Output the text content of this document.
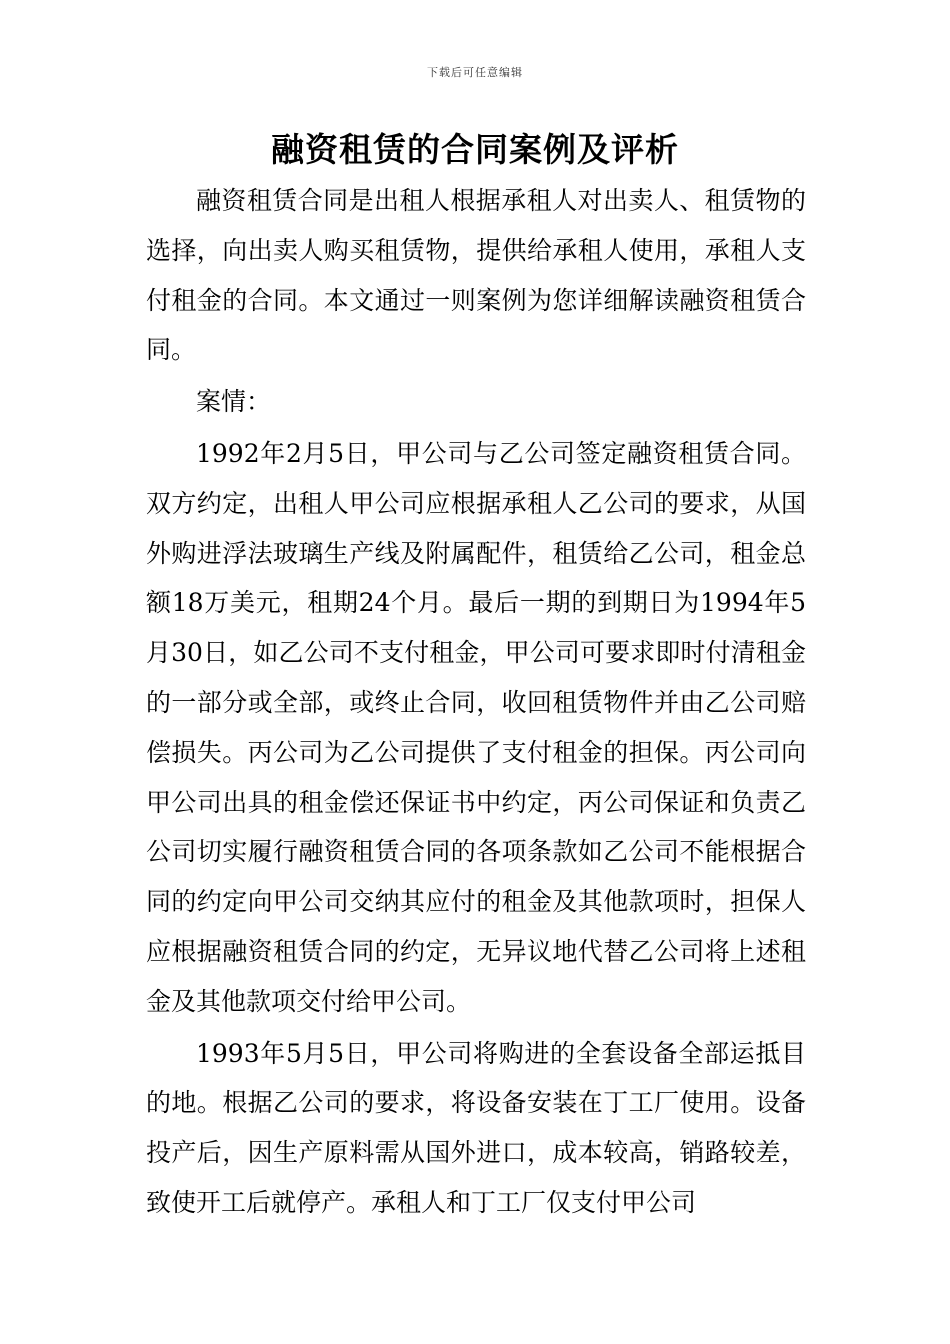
下载后可任意编辑
融资租赁的合同案例及评析

融资租赁合同是出租人根据承租人对出卖人、租赁物的选择，向出卖人购买租赁物，提供给承租人使用，承租人支付租金的合同。本文通过一则案例为您详细解读融资租赁合同。

案情：

1992年2月5日，甲公司与乙公司签定融资租赁合同。双方约定，出租人甲公司应根据承租人乙公司的要求，从国外购进浮法玻璃生产线及附属配件，租赁给乙公司，租金总额18万美元，租期24个月。最后一期的到期日为1994年5月30日，如乙公司不支付租金，甲公司可要求即时付清租金的一部分或全部，或终止合同，收回租赁物件并由乙公司赔偿损失。丙公司为乙公司提供了支付租金的担保。丙公司向甲公司出具的租金偿还保证书中约定，丙公司保证和负责乙公司切实履行融资租赁合同的各项条款如乙公司不能根据合同的约定向甲公司交纳其应付的租金及其他款项时，担保人应根据融资租赁合同的约定，无异议地代替乙公司将上述租金及其他款项交付给甲公司。

1993年5月5日，甲公司将购进的全套设备全部运抵目的地。根据乙公司的要求，将设备安装在丁工厂使用。设备投产后，因生产原料需从国外进口，成本较高，销路较差，致使开工后就停产。承租人和丁工厂仅支付甲公司
